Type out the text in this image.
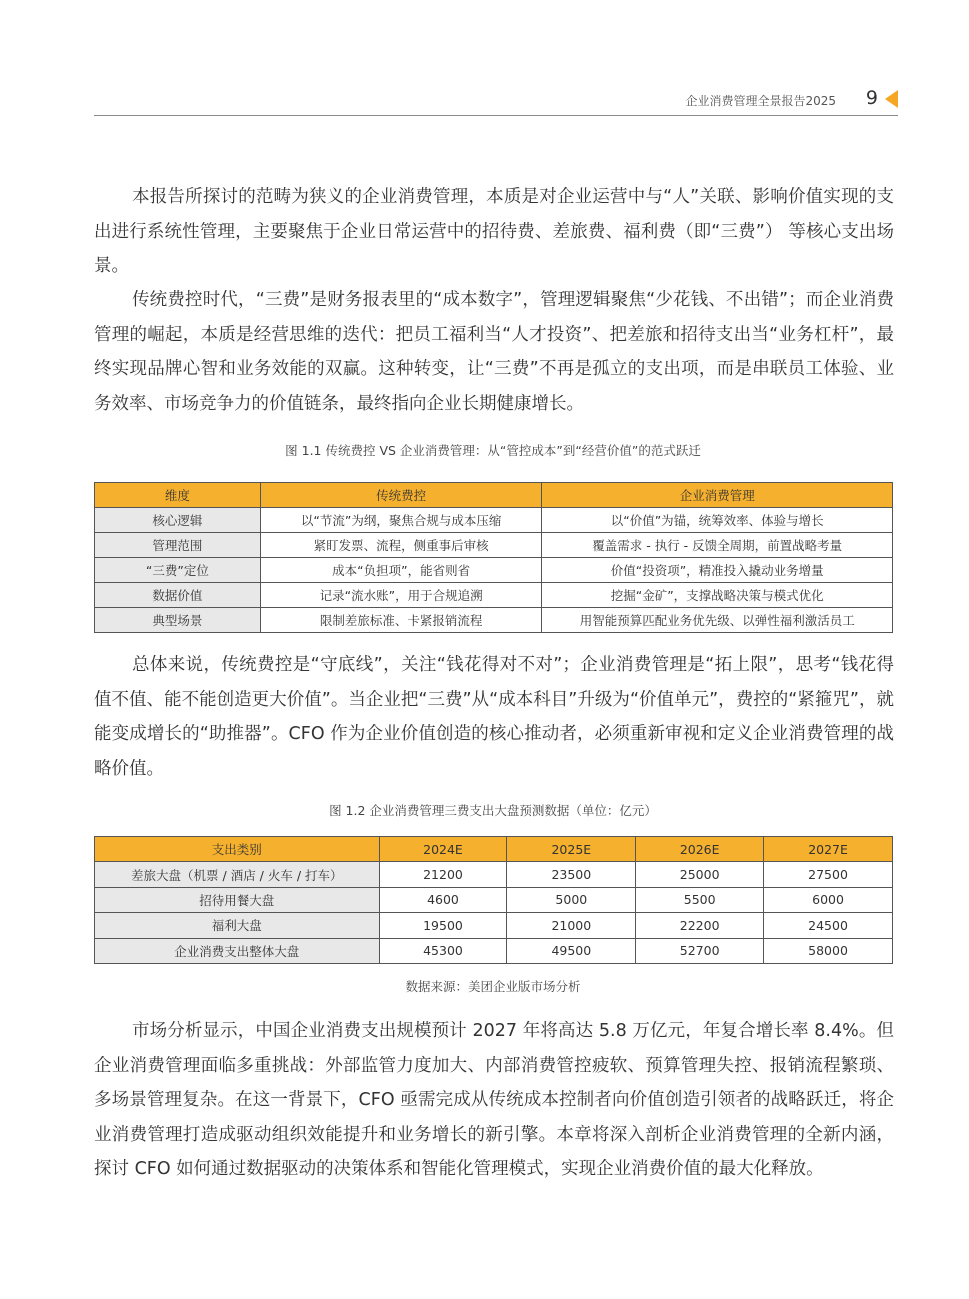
企业消费管理全景报告2025 9

本报告所探讨的范畴为狭义的企业消费管理，本质是对企业运营中与“人”关联、影响价值实现的支出进行系统性管理，主要聚焦于企业日常运营中的招待费、差旅费、福利费（即“三费”） 等核心支出场景。

传统费控时代，“三费”是财务报表里的“成本数字”，管理逻辑聚焦“少花钱、不出错”；而企业消费管理的崛起，本质是经营思维的迭代：把员工福利当“人才投资”、把差旅和招待支出当“业务杠杆”，最终实现品牌心智和业务效能的双赢。这种转变，让“三费”不再是孤立的支出项，而是串联员工体验、业务效率、市场竞争力的价值链条，最终指向企业长期健康增长。

图 1.1 传统费控 VS 企业消费管理：从“管控成本”到“经营价值”的范式跃迁
维度	传统费控	企业消费管理
核心逻辑	以“节流”为纲，聚焦合规与成本压缩	以“价值”为锚，统筹效率、体验与增长
管理范围	紧盯发票、流程，侧重事后审核	覆盖需求 - 执行 - 反馈全周期，前置战略考量
“三费”定位	成本“负担项”，能省则省	价值“投资项”，精准投入撬动业务增量
数据价值	记录“流水账”，用于合规追溯	挖掘“金矿”，支撑战略决策与模式优化
典型场景	限制差旅标准、卡紧报销流程	用智能预算匹配业务优先级、以弹性福利激活员工

总体来说，传统费控是“守底线”，关注“钱花得对不对”；企业消费管理是“拓上限”，思考“钱花得值不值、能不能创造更大价值”。当企业把“三费”从“成本科目”升级为“价值单元”，费控的“紧箍咒”，就能变成增长的“助推器”。CFO 作为企业价值创造的核心推动者，必须重新审视和定义企业消费管理的战略价值。

图 1.2 企业消费管理三费支出大盘预测数据（单位：亿元）
支出类别	2024E	2025E	2026E	2027E
差旅大盘（机票 / 酒店 / 火车 / 打车）	21200	23500	25000	27500
招待用餐大盘	4600	5000	5500	6000
福利大盘	19500	21000	22200	24500
企业消费支出整体大盘	45300	49500	52700	58000
数据来源：美团企业版市场分析

市场分析显示，中国企业消费支出规模预计 2027 年将高达 5.8 万亿元，年复合增长率 8.4%。但企业消费管理面临多重挑战：外部监管力度加大、内部消费管控疲软、预算管理失控、报销流程繁琐、多场景管理复杂。在这一背景下，CFO 亟需完成从传统成本控制者向价值创造引领者的战略跃迁，将企业消费管理打造成驱动组织效能提升和业务增长的新引擎。本章将深入剖析企业消费管理的全新内涵，探讨 CFO 如何通过数据驱动的决策体系和智能化管理模式，实现企业消费价值的最大化释放。
